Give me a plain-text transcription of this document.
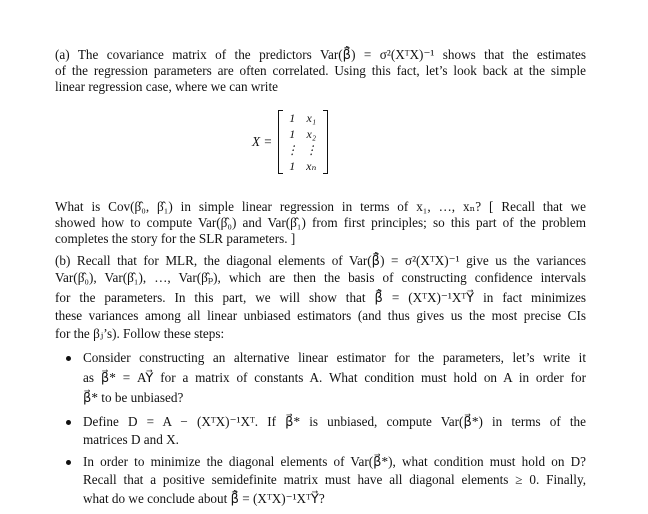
(a) The covariance matrix of the predictors Var(β⃗̂) = σ²(XᵀX)⁻¹ shows that the estimates
of the regression parameters are often correlated. Using this fact, let’s look back at the simple
linear regression case, where we can write
X =
1 x₁
1 x₂
⋮ ⋮
1 xₙ
What is Cov(β̂₀, β̂₁) in simple linear regression in terms of x₁, …, xₙ? [ Recall that we
showed how to compute Var(β̂₀) and Var(β̂₁) from first principles; so this part of the problem
completes the story for the SLR parameters. ]
(b) Recall that for MLR, the diagonal elements of Var(β⃗̂) = σ²(XᵀX)⁻¹ give us the variances
Var(β̂₀), Var(β̂₁), …, Var(β̂ₚ), which are then the basis of constructing confidence intervals
for the parameters. In this part, we will show that β⃗̂ = (XᵀX)⁻¹XᵀY⃗ in fact minimizes
these variances among all linear unbiased estimators (and thus gives us the most precise CIs
for the βⱼ’s). Follow these steps:
Consider constructing an alternative linear estimator for the parameters, let’s write it
as β⃗* = AY⃗ for a matrix of constants A. What condition must hold on A in order for
β⃗* to be unbiased?
Define D = A − (XᵀX)⁻¹Xᵀ. If β⃗* is unbiased, compute Var(β⃗*) in terms of the
matrices D and X.
In order to minimize the diagonal elements of Var(β⃗*), what condition must hold on D?
Recall that a positive semidefinite matrix must have all diagonal elements ≥ 0. Finally,
what do we conclude about β⃗̂ = (XᵀX)⁻¹XᵀY⃗?
